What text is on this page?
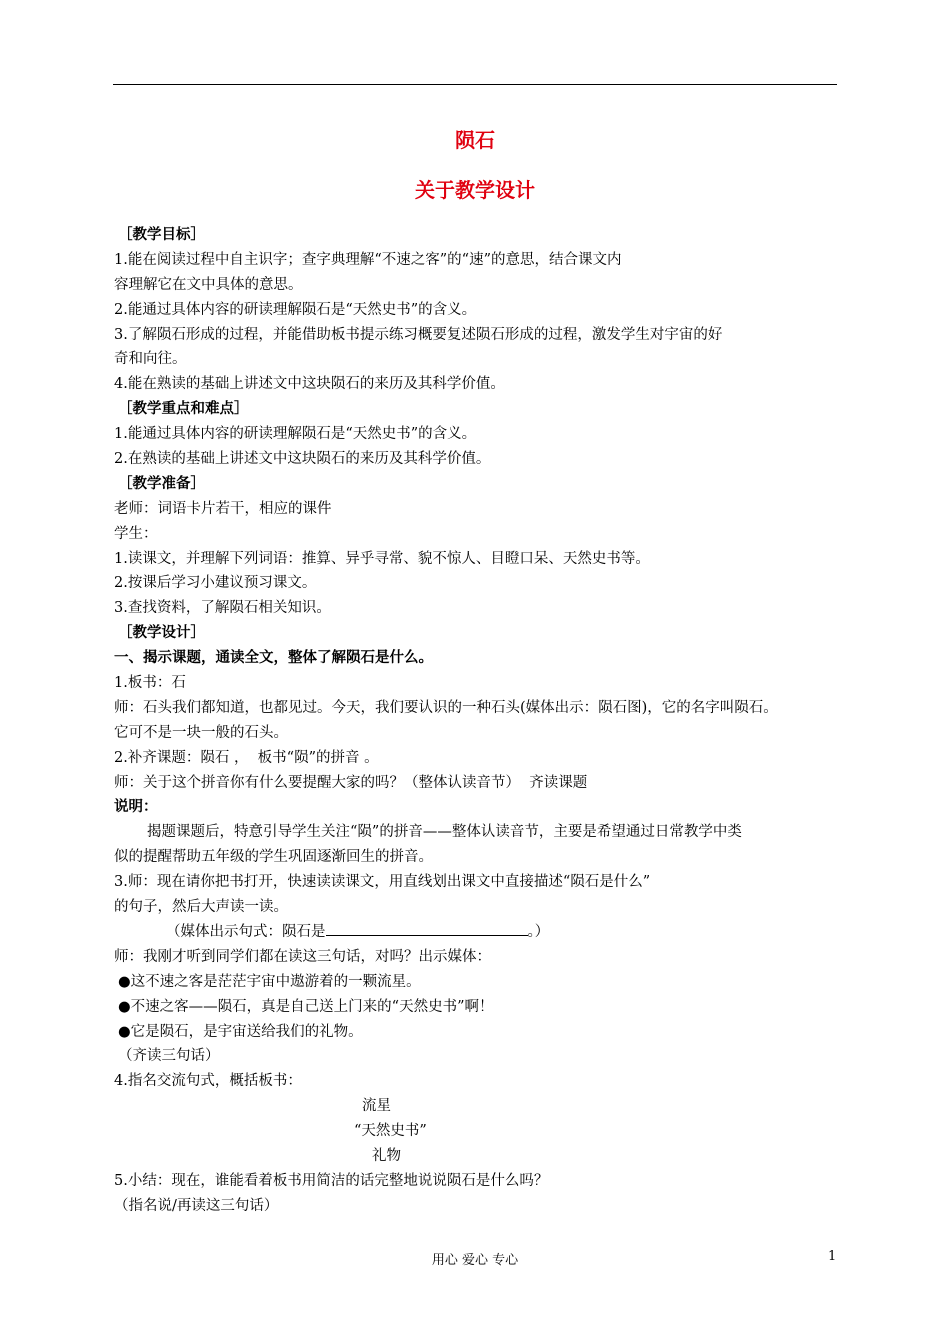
陨石
关于教学设计
［教学目标］
1.能在阅读过程中自主识字；查字典理解“不速之客”的“速”的意思，结合课文内
容理解它在文中具体的意思。
2.能通过具体内容的研读理解陨石是“天然史书”的含义。
3.了解陨石形成的过程，并能借助板书提示练习概要复述陨石形成的过程，激发学生对宇宙的好
奇和向往。
4.能在熟读的基础上讲述文中这块陨石的来历及其科学价值。
［教学重点和难点］
1.能通过具体内容的研读理解陨石是“天然史书”的含义。
2.在熟读的基础上讲述文中这块陨石的来历及其科学价值。
［教学准备］
老师：词语卡片若干，相应的课件
学生：
1.读课文，并理解下列词语：推算、异乎寻常、貌不惊人、目瞪口呆、天然史书等。
2.按课后学习小建议预习课文。
3.查找资料，了解陨石相关知识。
［教学设计］
一、揭示课题，通读全文，整体了解陨石是什么。
1.板书：石
师：石头我们都知道，也都见过。今天，我们要认识的一种石头(媒体出示：陨石图)，它的名字叫陨石。
它可不是一块一般的石头。
2.补齐课题：陨石 ，  板书“陨”的拼音 。
师：关于这个拼音你有什么要提醒大家的吗？（整体认读音节）  齐读课题
说明：
揭题课题后，特意引导学生关注“陨”的拼音——整体认读音节，主要是希望通过日常教学中类
似的提醒帮助五年级的学生巩固逐渐回生的拼音。
3.师：现在请你把书打开，快速读读课文，用直线划出课文中直接描述“陨石是什么”
的句子，然后大声读一读。
（媒体出示句式：陨石是	。）
师：我刚才听到同学们都在读这三句话，对吗？出示媒体：
●这不速之客是茫茫宇宙中遨游着的一颗流星。
●不速之客——陨石，真是自己送上门来的“天然史书”啊！
●它是陨石，是宇宙送给我们的礼物。
（齐读三句话）
4.指名交流句式，概括板书：
流星
“天然史书”
礼物
5.小结：现在，谁能看着板书用简洁的话完整地说说陨石是什么吗？
（指名说/再读这三句话）
用心 爱心 专心	1
